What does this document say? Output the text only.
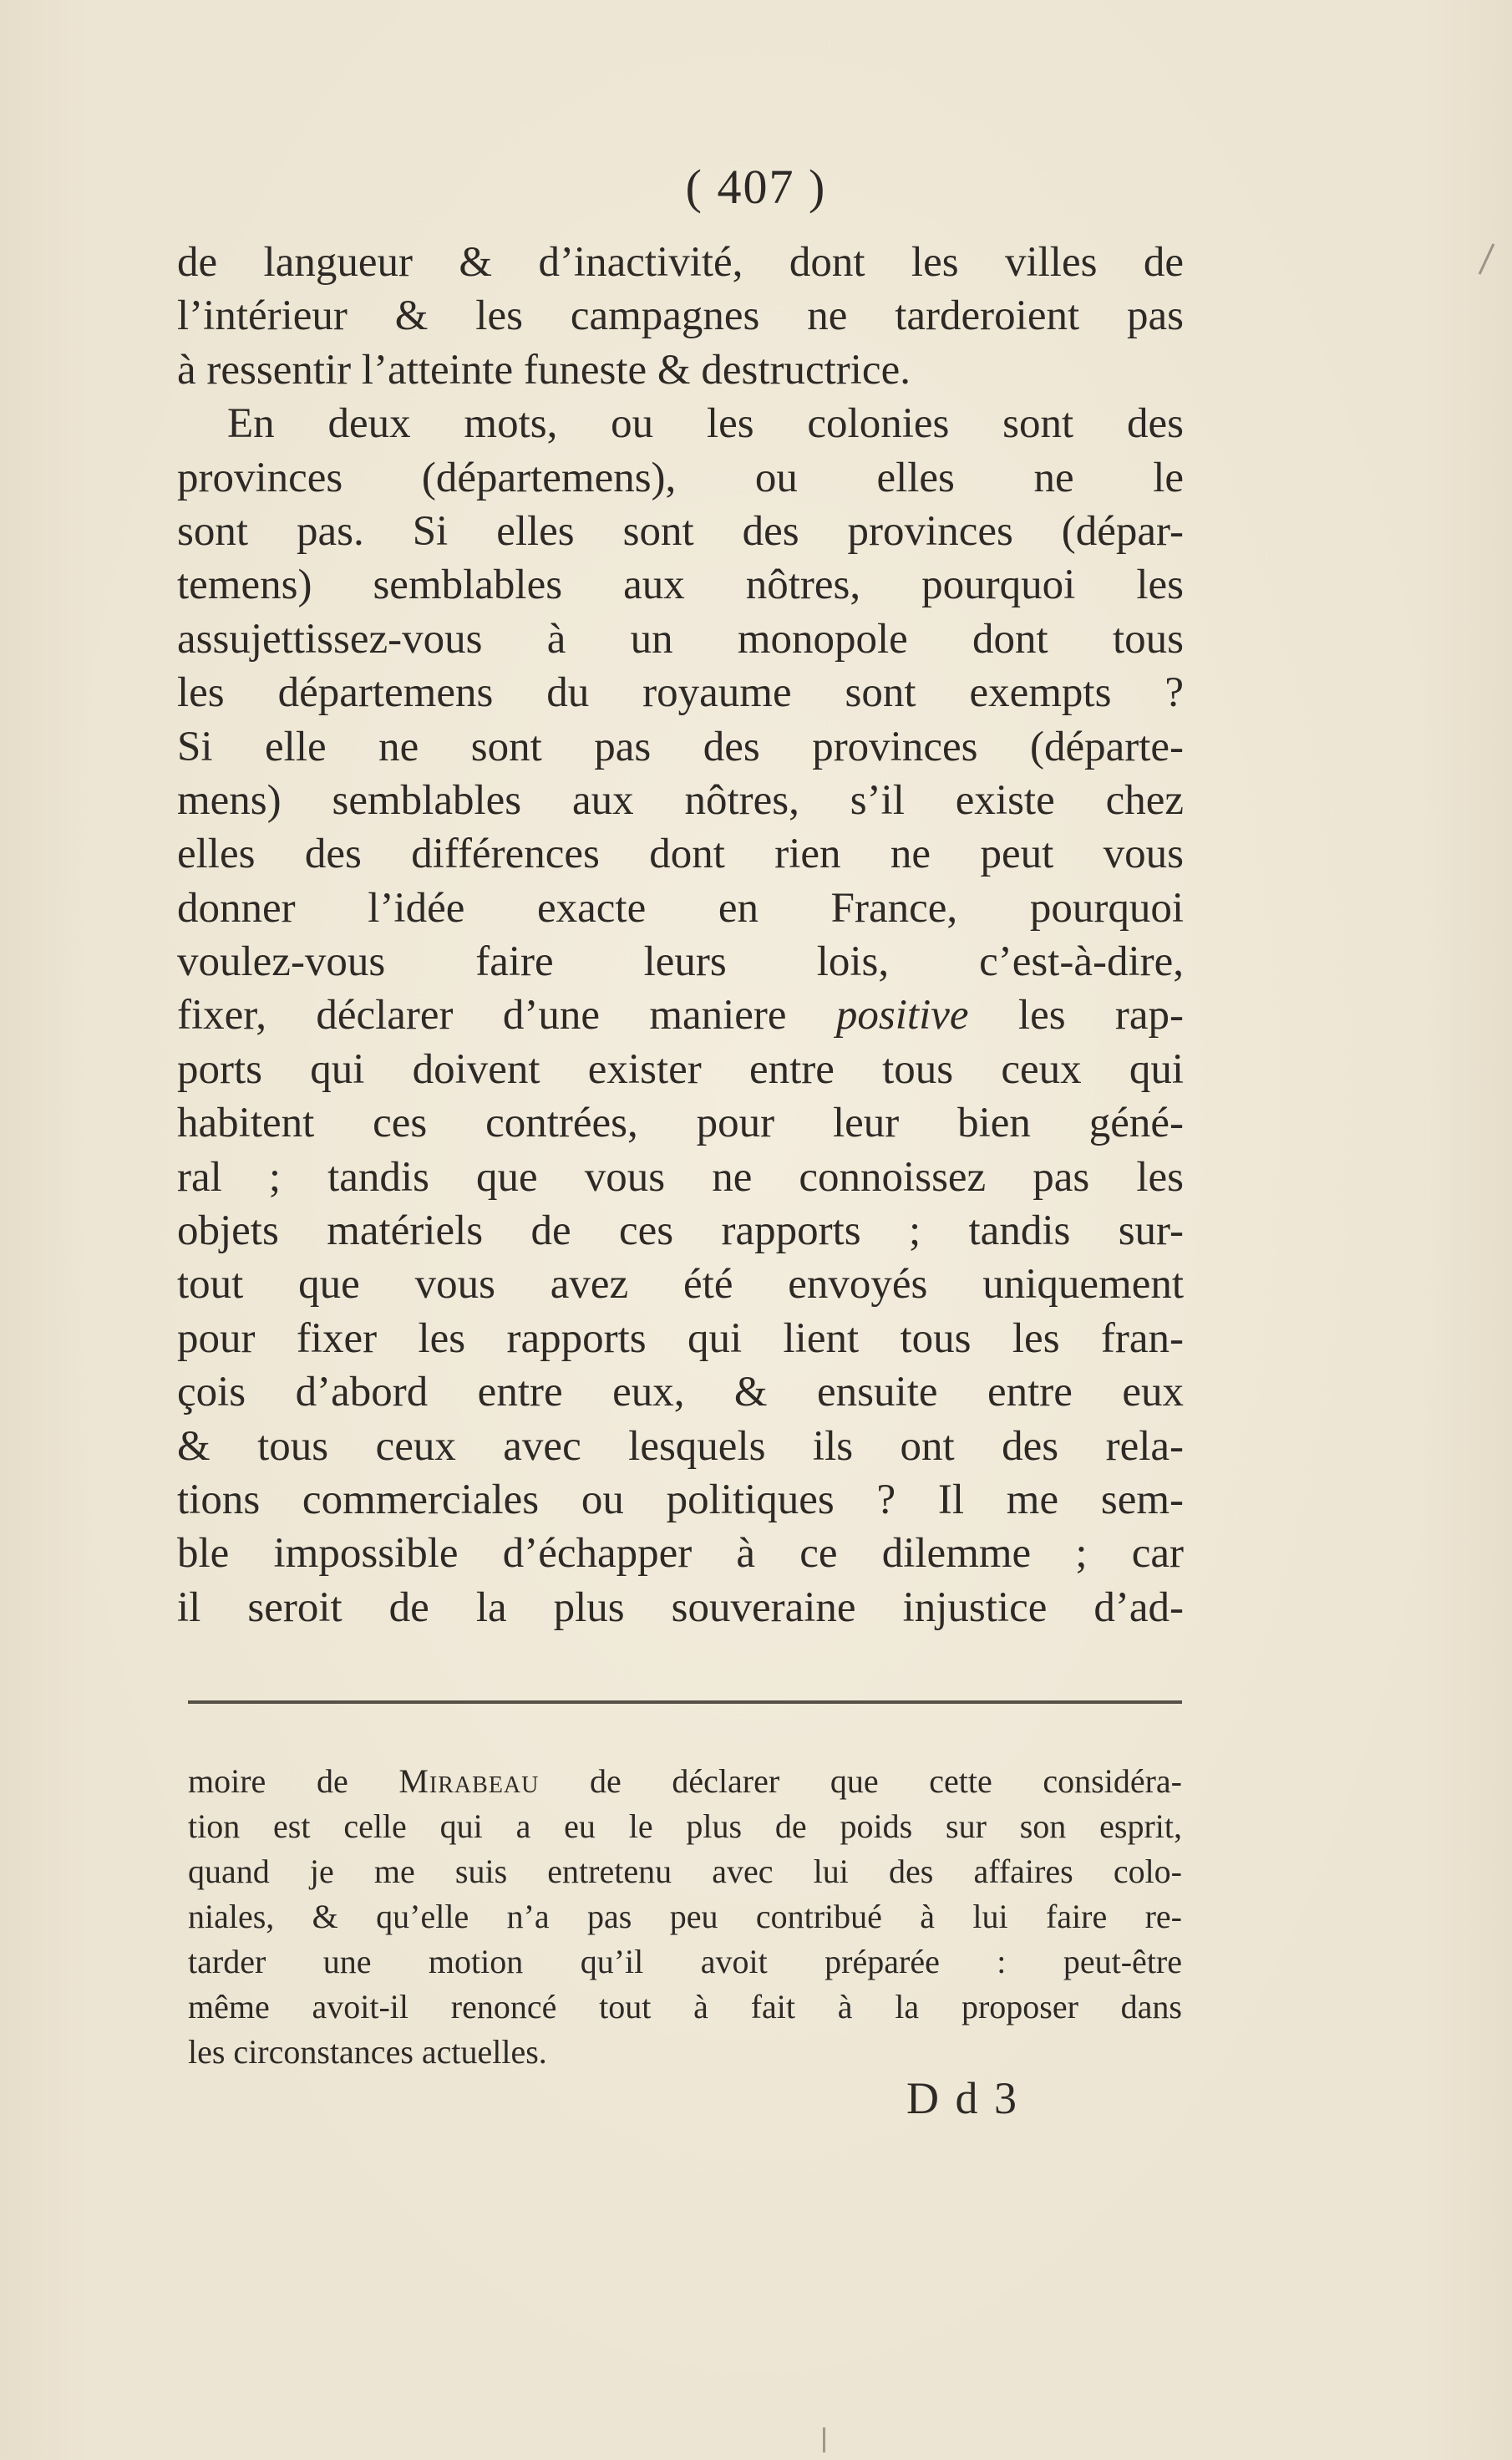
( 407 )
de langueur & d’inactivité, dont les villes de
l’intérieur & les campagnes ne tarderoient pas
à ressentir l’atteinte funeste & destructrice.
En deux mots, ou les colonies sont des
provinces (départemens), ou elles ne le
sont pas. Si elles sont des provinces (dépar-
temens) semblables aux nôtres, pourquoi les
assujettissez-vous à un monopole dont tous
les départemens du royaume sont exempts ?
Si elle ne sont pas des provinces (départe-
mens) semblables aux nôtres, s’il existe chez
elles des différences dont rien ne peut vous
donner l’idée exacte en France, pourquoi
voulez-vous faire leurs lois, c’est-à-dire,
fixer, déclarer d’une maniere positive les rap-
ports qui doivent exister entre tous ceux qui
habitent ces contrées, pour leur bien géné-
ral ; tandis que vous ne connoissez pas les
objets matériels de ces rapports ; tandis sur-
tout que vous avez été envoyés uniquement
pour fixer les rapports qui lient tous les fran-
çois d’abord entre eux, & ensuite entre eux
& tous ceux avec lesquels ils ont des rela-
tions commerciales ou politiques ? Il me sem-
ble impossible d’échapper à ce dilemme ; car
il seroit de la plus souveraine injustice d’ad-
moire de Mirabeau de déclarer que cette considéra-
tion est celle qui a eu le plus de poids sur son esprit,
quand je me suis entretenu avec lui des affaires colo-
niales, & qu’elle n’a pas peu contribué à lui faire re-
tarder une motion qu’il avoit préparée : peut-être
même avoit-il renoncé tout à fait à la proposer dans
les circonstances actuelles.
D d 3
